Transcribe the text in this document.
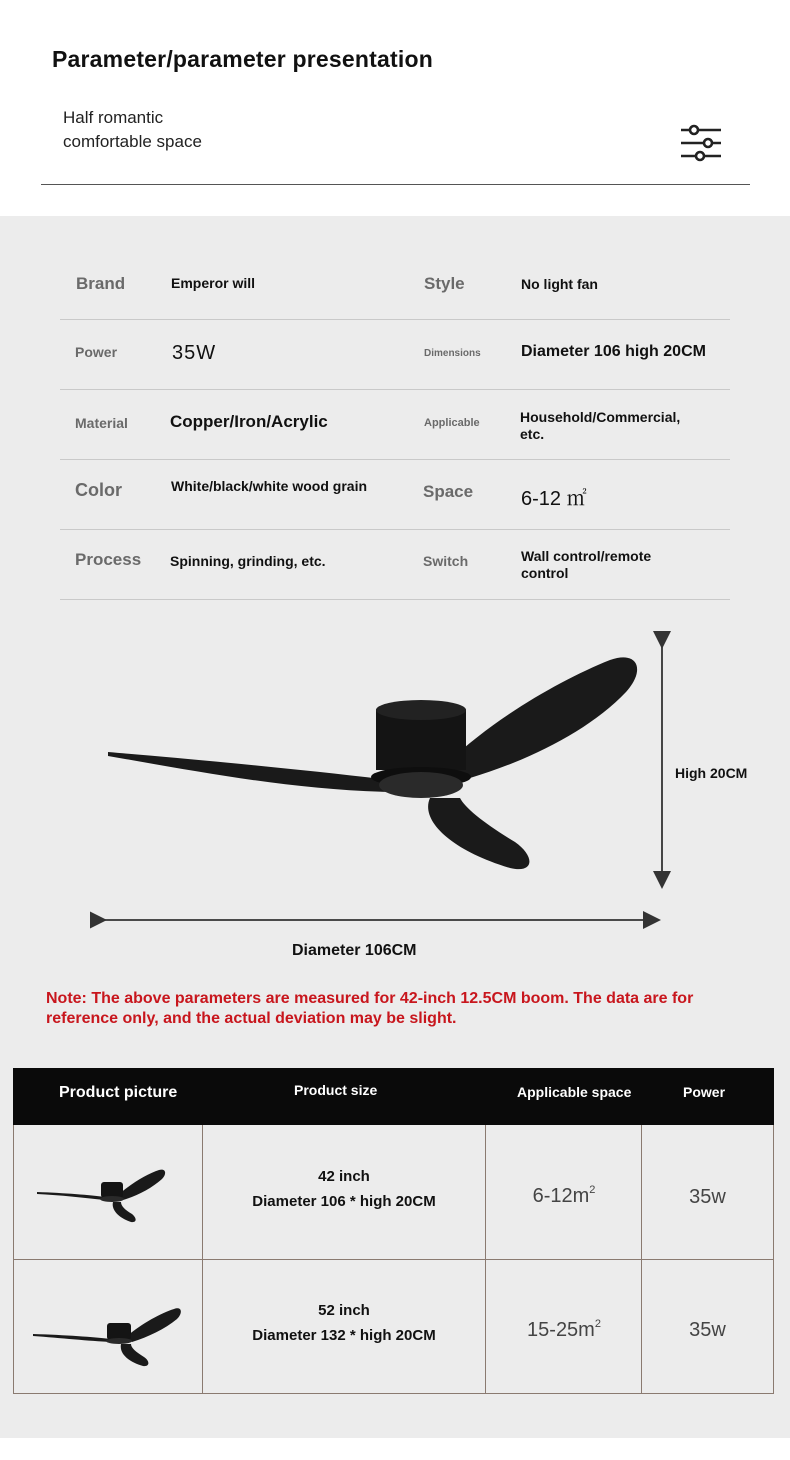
Parameter/parameter presentation
Half romantic
comfortable space
Brand	Emperor will	Style	No light fan
Power	35W	Dimensions	Diameter 106 high 20CM
Material Copper/Iron/Acrylic	Applicable	Household/Commercial, etc.
Color	White/black/white wood grain	Space 6-12 ㎡
Process Spinning, grinding, etc.	Switch	Wall control/remote control
High 20CM
Diameter 106CM
Note: The above parameters are measured for 42-inch 12.5CM boom. The data are for reference only, and the actual deviation may be slight.
Product picture	Product size	Applicable space	Power
42 inch
Diameter 106 * high 20CM	$6-12m^2$	35w
52 inch
Diameter 132 * high 20CM	$15-25m^2$	35w
